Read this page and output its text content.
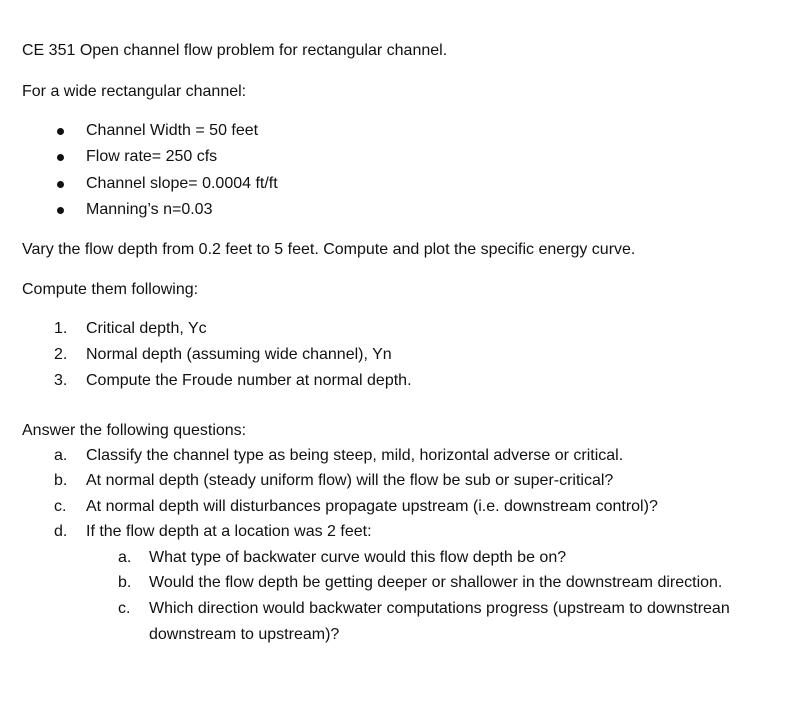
CE 351 Open channel flow problem for rectangular channel.
For a wide rectangular channel:
Channel Width = 50 feet
Flow rate= 250 cfs
Channel slope= 0.0004 ft/ft
Manning’s n=0.03
Vary the flow depth from 0.2 feet to 5 feet. Compute and plot the specific energy curve.
Compute them following:
1. Critical depth, Yc
2. Normal depth (assuming wide channel), Yn
3. Compute the Froude number at normal depth.
Answer the following questions:
a. Classify the channel type as being steep, mild, horizontal adverse or critical.
b. At normal depth (steady uniform flow) will the flow be sub or super-critical?
c. At normal depth will disturbances propagate upstream (i.e. downstream control)?
d. If the flow depth at a location was 2 feet:
a. What type of backwater curve would this flow depth be on?
b. Would the flow depth be getting deeper or shallower in the downstream direction.
c. Which direction would backwater computations progress (upstream to downstrean
downstream to upstream)?
